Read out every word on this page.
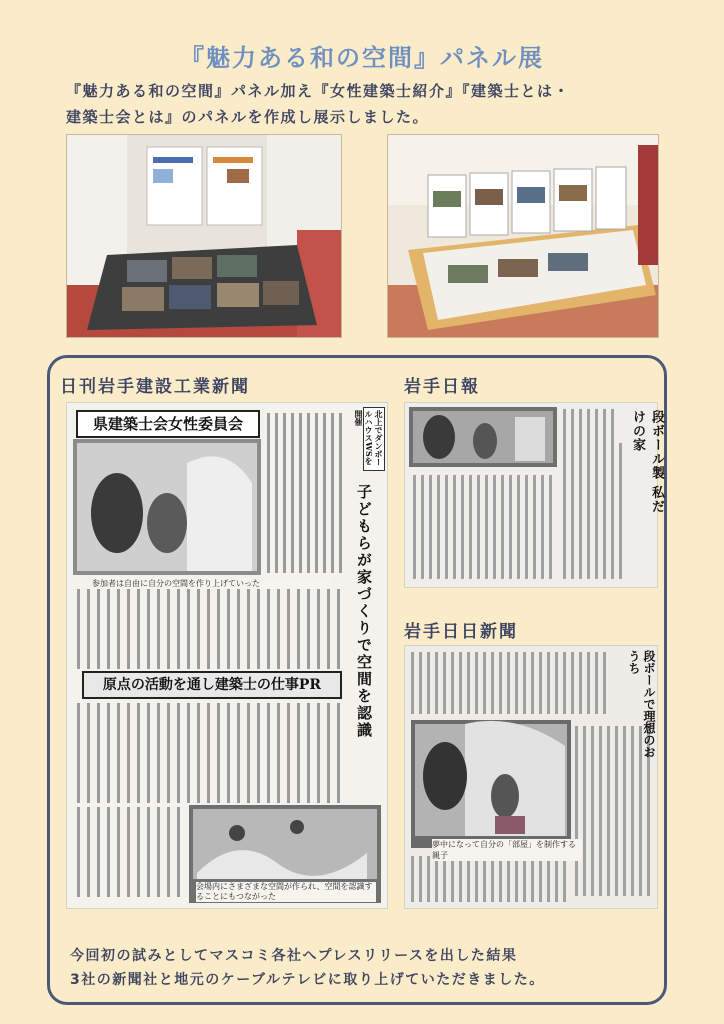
『魅力ある和の空間』パネル展
『魅力ある和の空間』パネル加え『女性建築士紹介』『建築士とは・
建築士会とは』のパネルを作成し展示しました。
日刊岩手建設工業新聞	岩手日報
岩手日日新聞
県建築士会女性委員会	北上でダンボールハウスWSを開催
子どもらが家づくりで空間を認識
原点の活動を通し建築士の仕事PR
参加者は自由に自分の空間を作り上げていった
会場内にさまざまな空間が作られ、空間を認識することにもつながった
段ボール製 私だけの家
段ボールで理想のおうち
夢中になって自分の「部屋」を制作する親子
今回初の試みとしてマスコミ各社へプレスリリースを出した結果
3社の新聞社と地元のケーブルテレビに取り上げていただきました。
